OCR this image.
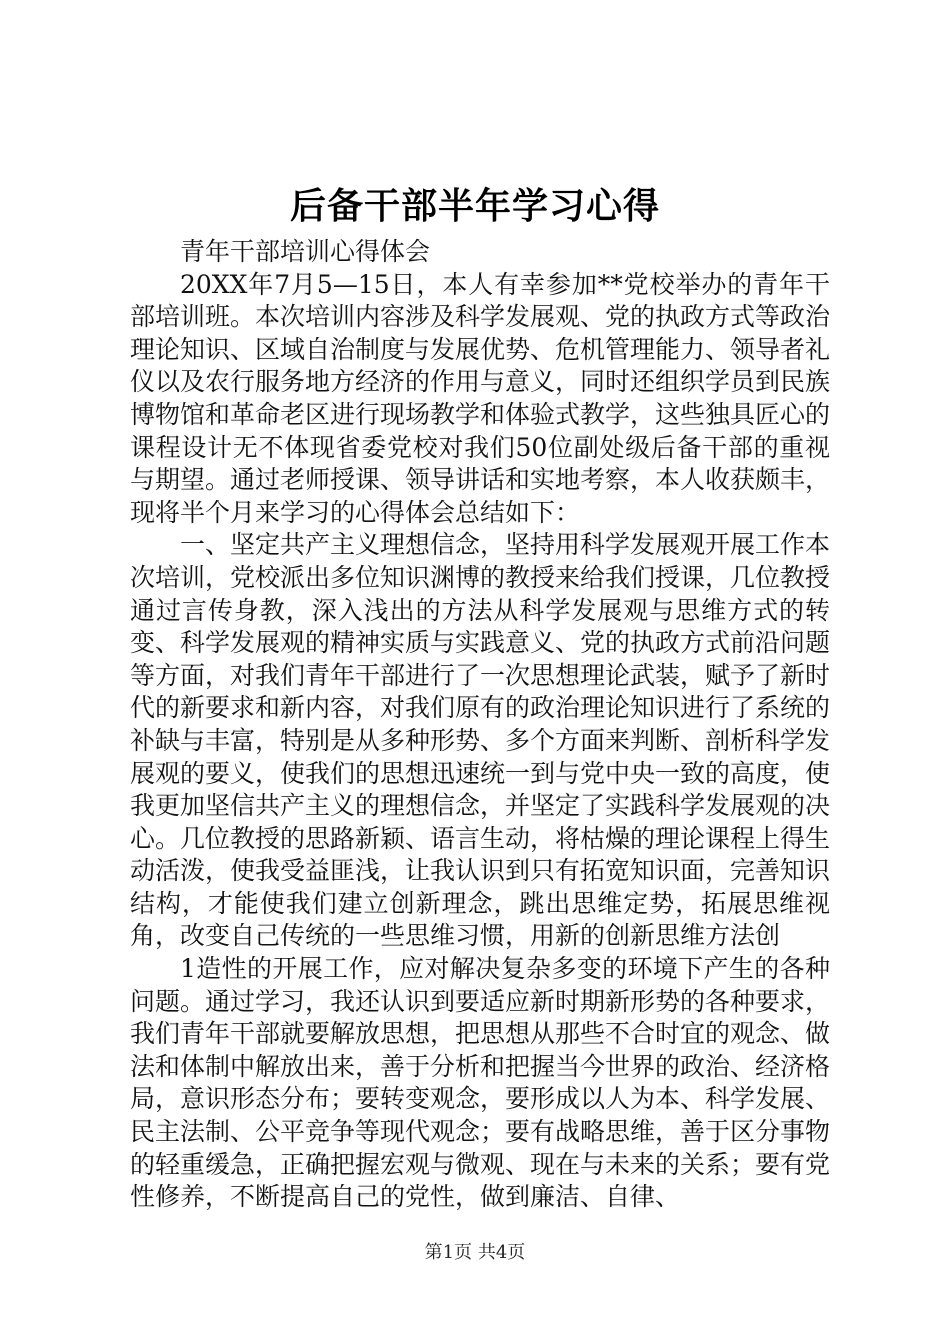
后备干部半年学习心得

青年干部培训心得体会

20XX年7月5—15日，本人有幸参加**党校举办的青年干部培训班。本次培训内容涉及科学发展观、党的执政方式等政治理论知识、区域自治制度与发展优势、危机管理能力、领导者礼仪以及农行服务地方经济的作用与意义，同时还组织学员到民族博物馆和革命老区进行现场教学和体验式教学，这些独具匠心的课程设计无不体现省委党校对我们50位副处级后备干部的重视与期望。通过老师授课、领导讲话和实地考察，本人收获颇丰，现将半个月来学习的心得体会总结如下：

一、坚定共产主义理想信念，坚持用科学发展观开展工作本次培训，党校派出多位知识渊博的教授来给我们授课，几位教授通过言传身教，深入浅出的方法从科学发展观与思维方式的转变、科学发展观的精神实质与实践意义、党的执政方式前沿问题等方面，对我们青年干部进行了一次思想理论武装，赋予了新时代的新要求和新内容，对我们原有的政治理论知识进行了系统的补缺与丰富，特别是从多种形势、多个方面来判断、剖析科学发展观的要义，使我们的思想迅速统一到与党中央一致的高度，使我更加坚信共产主义的理想信念，并坚定了实践科学发展观的决心。几位教授的思路新颖、语言生动，将枯燥的理论课程上得生动活泼，使我受益匪浅，让我认识到只有拓宽知识面，完善知识结构，才能使我们建立创新理念，跳出思维定势，拓展思维视角，改变自己传统的一些思维习惯，用新的创新思维方法创

1造性的开展工作，应对解决复杂多变的环境下产生的各种问题。通过学习，我还认识到要适应新时期新形势的各种要求，我们青年干部就要解放思想，把思想从那些不合时宜的观念、做法和体制中解放出来，善于分析和把握当今世界的政治、经济格局，意识形态分布；要转变观念，要形成以人为本、科学发展、民主法制、公平竞争等现代观念；要有战略思维，善于区分事物的轻重缓急，正确把握宏观与微观、现在与未来的关系；要有党性修养，不断提高自己的党性，做到廉洁、自律、

第1页 共4页
